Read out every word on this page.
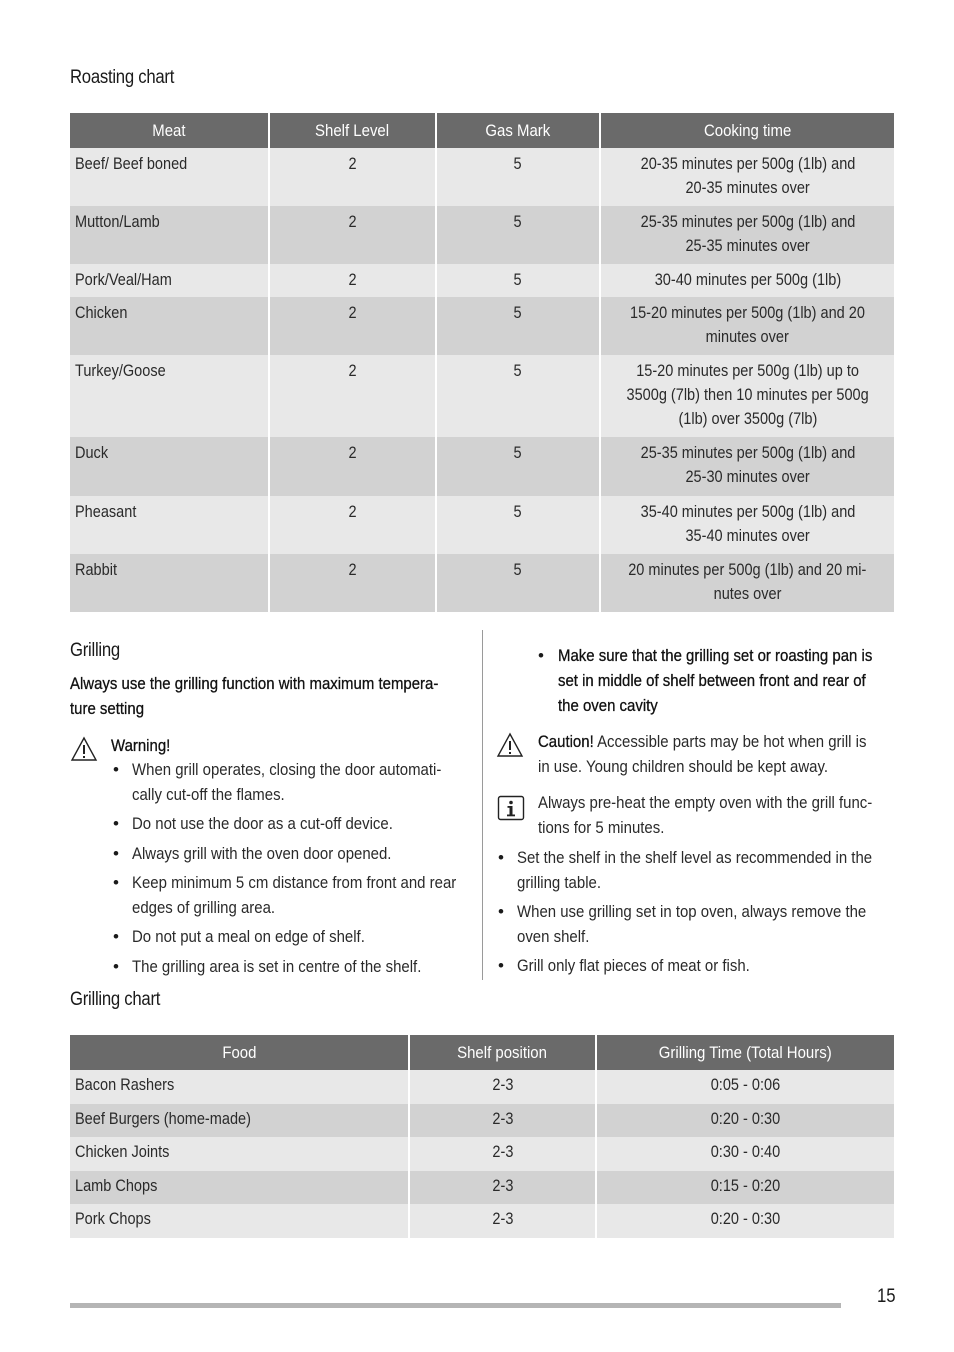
Roasting chart
Meat	Shelf Level	Gas Mark	Cooking time
Beef/ Beef boned	2	5	20-35 minutes per 500g (1lb) and
20-35 minutes over
Mutton/Lamb	2	5	25-35 minutes per 500g (1lb) and
25-35 minutes over
Pork/Veal/Ham	2	5	30-40 minutes per 500g (1lb)
Chicken	2	5	15-20 minutes per 500g (1lb) and 20
minutes over
Turkey/Goose	2	5	15-20 minutes per 500g (1lb) up to
3500g (7lb) then 10 minutes per 500g
(1lb) over 3500g (7lb)
Duck	2	5	25-35 minutes per 500g (1lb) and
25-30 minutes over
Pheasant	2	5	35-40 minutes per 500g (1lb) and
35-40 minutes over
Rabbit	2	5	20 minutes per 500g (1lb) and 20 mi-
nutes over
Grilling
Always use the grilling function with maximum tempera-
ture setting
Warning!
• When grill operates, closing the door automati-
cally cut-off the flames.
• Do not use the door as a cut-off device.
• Always grill with the oven door opened.
• Keep minimum 5 cm distance from front and rear
edges of grilling area.
• Do not put a meal on edge of shelf.
• The grilling area is set in centre of the shelf.
• Make sure that the grilling set or roasting pan is
set in middle of shelf between front and rear of
the oven cavity
Caution! Accessible parts may be hot when grill is
in use. Young children should be kept away.
Always pre-heat the empty oven with the grill func-
tions for 5 minutes.
• Set the shelf in the shelf level as recommended in the
grilling table.
• When use grilling set in top oven, always remove the
oven shelf.
• Grill only flat pieces of meat or fish.
Grilling chart
Food	Shelf position	Grilling Time (Total Hours)
Bacon Rashers	2-3	0:05 - 0:06
Beef Burgers (home-made)	2-3	0:20 - 0:30
Chicken Joints	2-3	0:30 - 0:40
Lamb Chops	2-3	0:15 - 0:20
Pork Chops	2-3	0:20 - 0:30
15
